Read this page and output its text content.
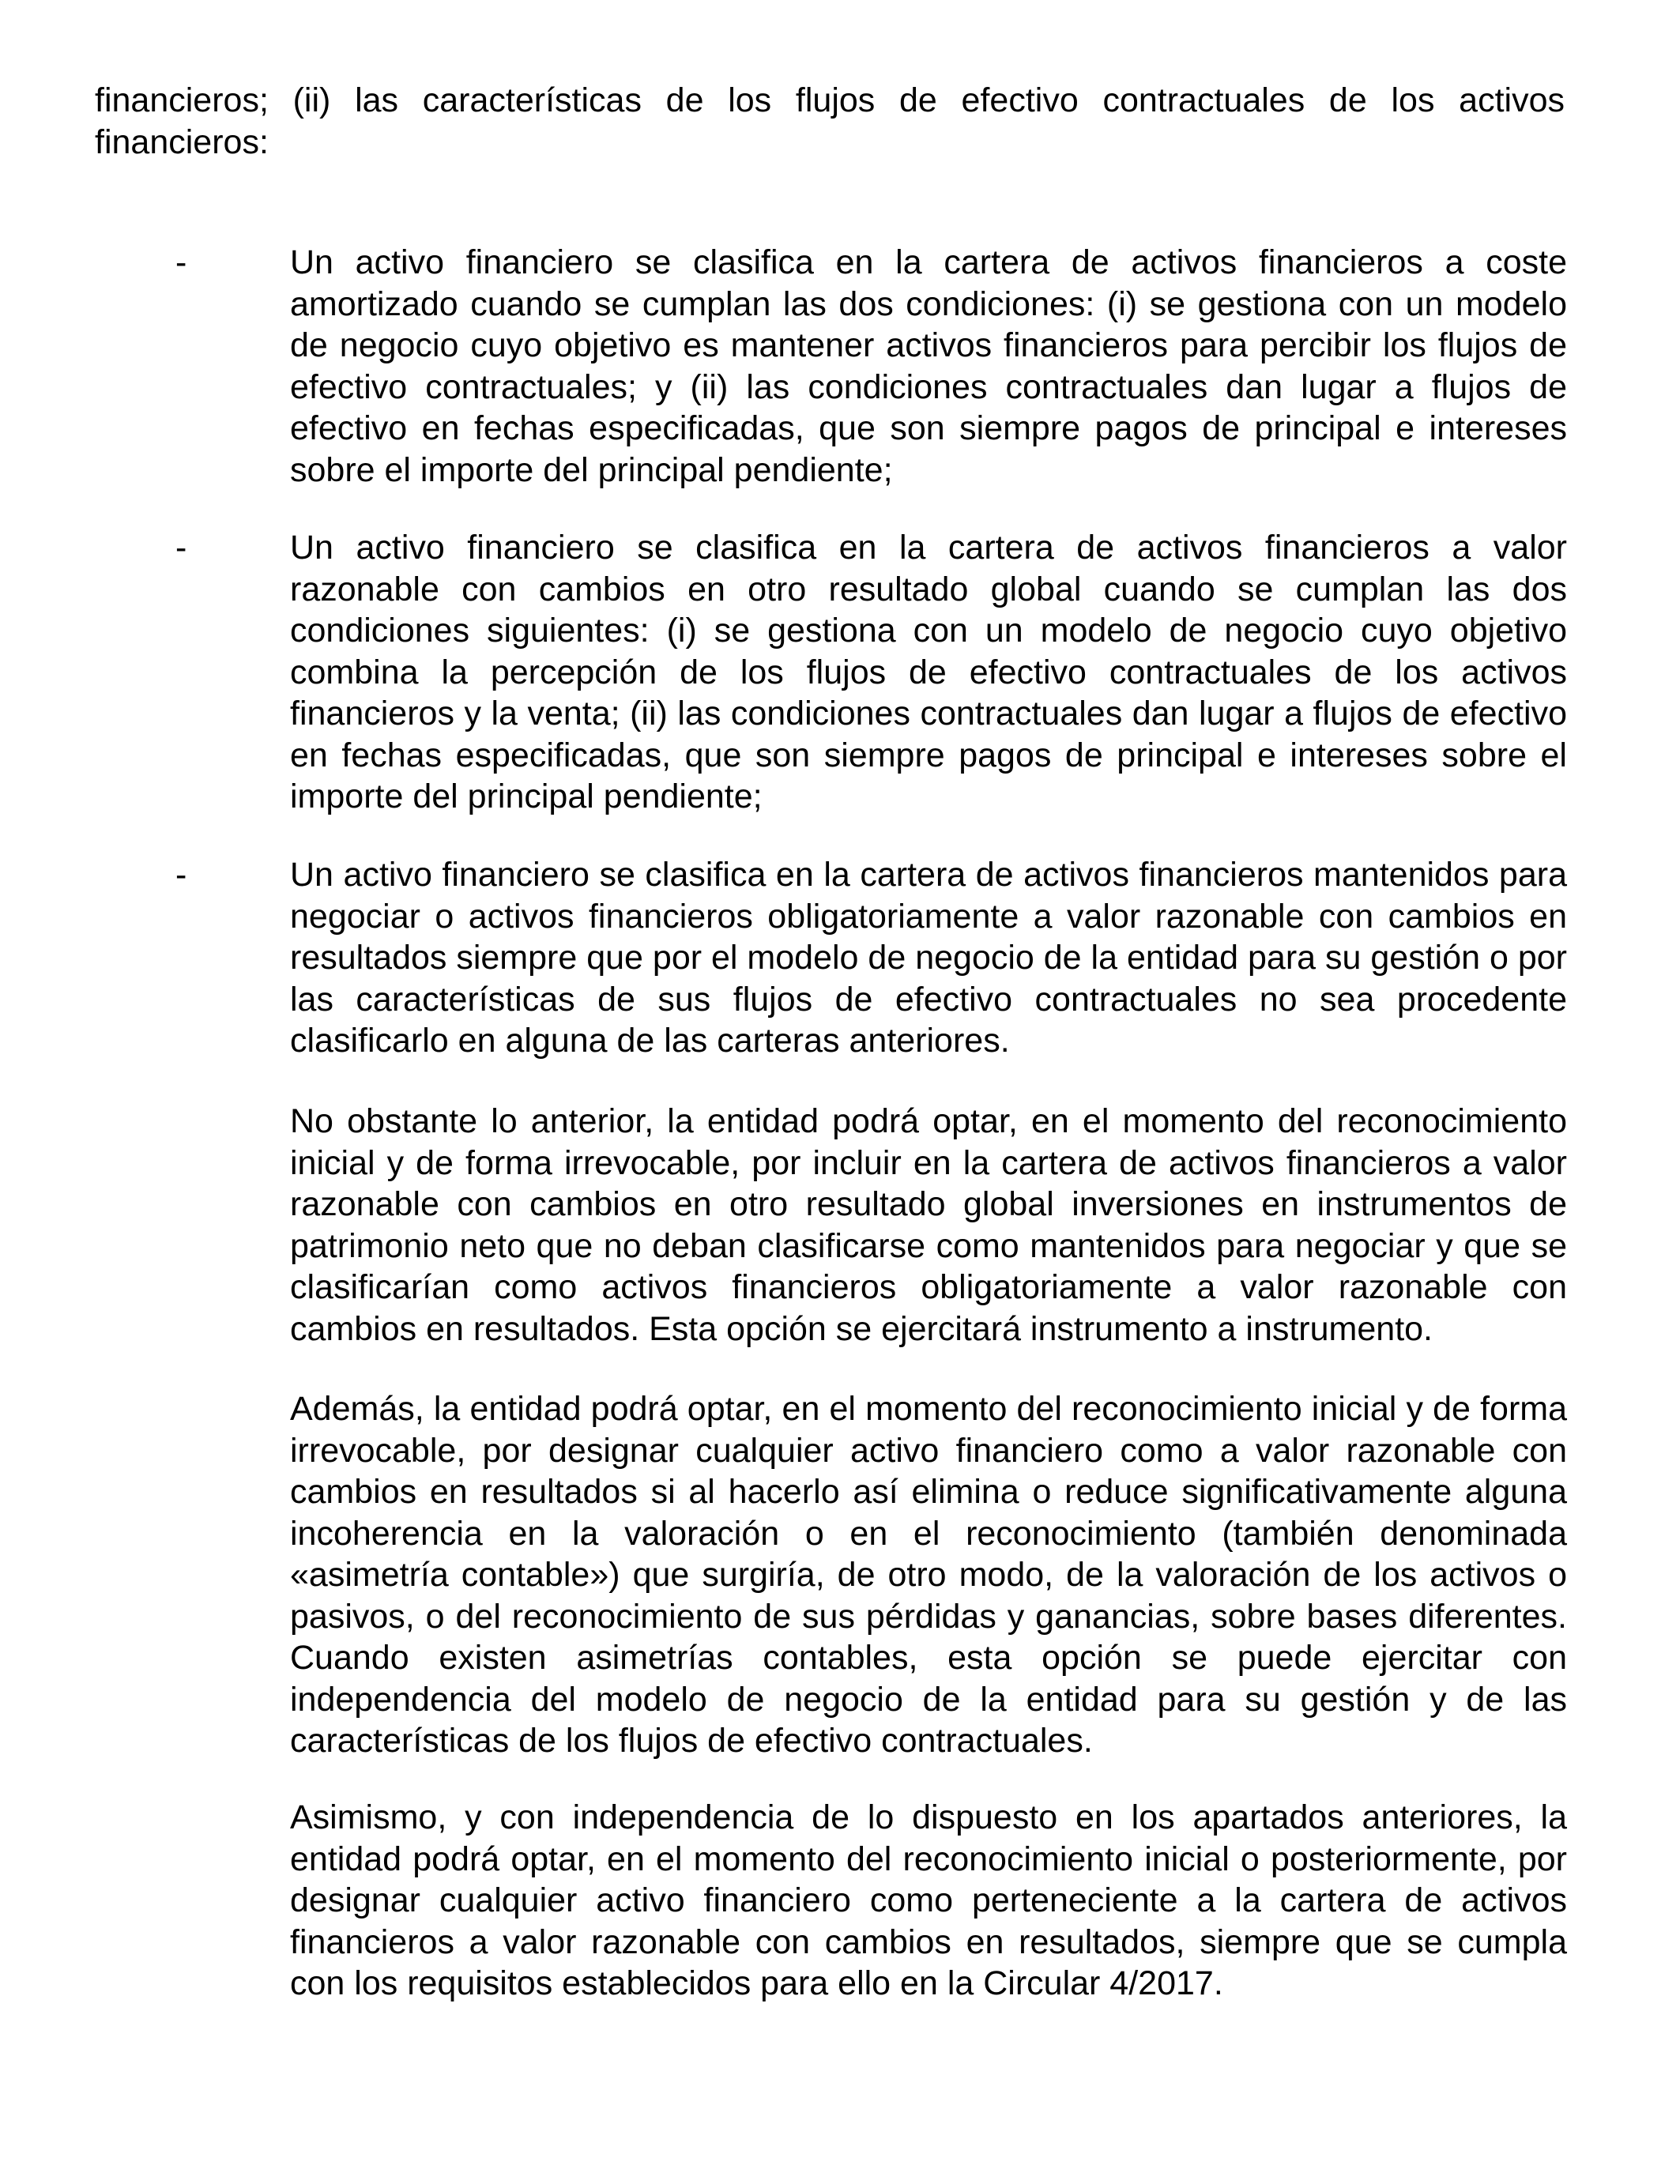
financieros; (ii) las características de los flujos de efectivo contractuales de los activos financieros:

-	Un activo financiero se clasifica en la cartera de activos financieros a coste amortizado cuando se cumplan las dos condiciones: (i) se gestiona con un modelo de negocio cuyo objetivo es mantener activos financieros para percibir los flujos de efectivo contractuales; y (ii) las condiciones contractuales dan lugar a flujos de efectivo en fechas especificadas, que son siempre pagos de principal e intereses sobre el importe del principal pendiente;

-	Un activo financiero se clasifica en la cartera de activos financieros a valor razonable con cambios en otro resultado global cuando se cumplan las dos condiciones siguientes: (i) se gestiona con un modelo de negocio cuyo objetivo combina la percepción de los flujos de efectivo contractuales de los activos financieros y la venta; (ii) las condiciones contractuales dan lugar a flujos de efectivo en fechas especificadas, que son siempre pagos de principal e intereses sobre el importe del principal pendiente;

-	Un activo financiero se clasifica en la cartera de activos financieros mantenidos para negociar o activos financieros obligatoriamente a valor razonable con cambios en resultados siempre que por el modelo de negocio de la entidad para su gestión o por las características de sus flujos de efectivo contractuales no sea procedente clasificarlo en alguna de las carteras anteriores.

No obstante lo anterior, la entidad podrá optar, en el momento del reconocimiento inicial y de forma irrevocable, por incluir en la cartera de activos financieros a valor razonable con cambios en otro resultado global inversiones en instrumentos de patrimonio neto que no deban clasificarse como mantenidos para negociar y que se clasificarían como activos financieros obligatoriamente a valor razonable con cambios en resultados. Esta opción se ejercitará instrumento a instrumento.

Además, la entidad podrá optar, en el momento del reconocimiento inicial y de forma irrevocable, por designar cualquier activo financiero como a valor razonable con cambios en resultados si al hacerlo así elimina o reduce significativamente alguna incoherencia en la valoración o en el reconocimiento (también denominada «asimetría contable») que surgiría, de otro modo, de la valoración de los activos o pasivos, o del reconocimiento de sus pérdidas y ganancias, sobre bases diferentes. Cuando existen asimetrías contables, esta opción se puede ejercitar con independencia del modelo de negocio de la entidad para su gestión y de las características de los flujos de efectivo contractuales.

Asimismo, y con independencia de lo dispuesto en los apartados anteriores, la entidad podrá optar, en el momento del reconocimiento inicial o posteriormente, por designar cualquier activo financiero como perteneciente a la cartera de activos financieros a valor razonable con cambios en resultados, siempre que se cumpla con los requisitos establecidos para ello en la Circular 4/2017.
